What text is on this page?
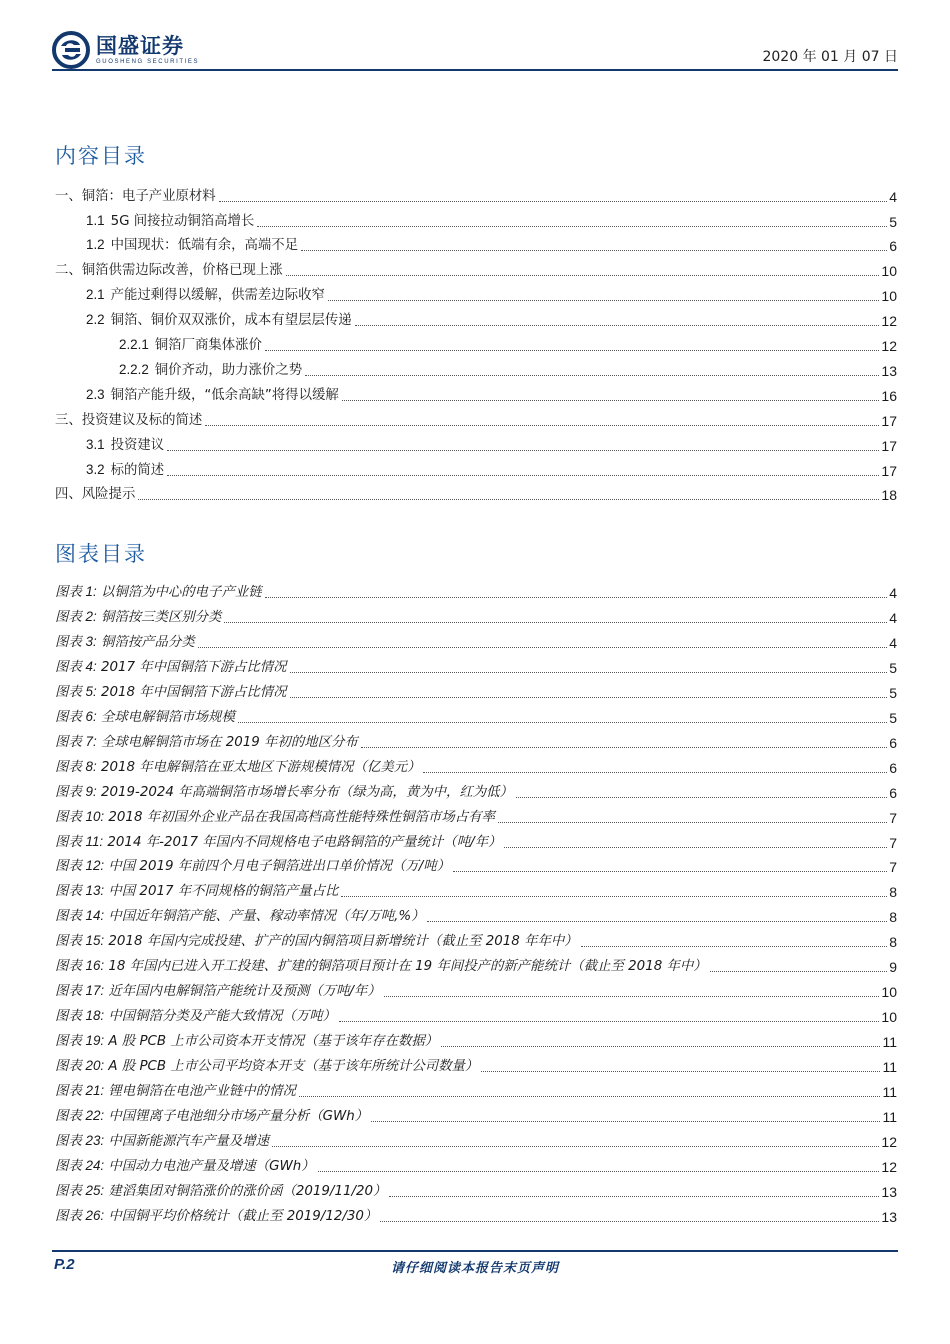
国盛证券
GUOSHENG SECURITIES	2020 年 01 月 07 日
内容目录
一、铜箔：电子产业原材料	4
1.1 5G 间接拉动铜箔高增长	5
1.2 中国现状：低端有余，高端不足	6
二、铜箔供需边际改善，价格已现上涨	10
2.1 产能过剩得以缓解，供需差边际收窄	10
2.2 铜箔、铜价双双涨价，成本有望层层传递	12
2.2.1 铜箔厂商集体涨价	12
2.2.2 铜价齐动，助力涨价之势	13
2.3 铜箔产能升级，“低余高缺”将得以缓解	16
三、投资建议及标的简述	17
3.1 投资建议	17
3.2 标的简述	17
四、风险提示	18
图表目录
图表 1: 以铜箔为中心的电子产业链	4
图表 2: 铜箔按三类区别分类	4
图表 3: 铜箔按产品分类	4
图表 4: 2017 年中国铜箔下游占比情况	5
图表 5: 2018 年中国铜箔下游占比情况	5
图表 6: 全球电解铜箔市场规模	5
图表 7: 全球电解铜箔市场在 2019 年初的地区分布	6
图表 8: 2018 年电解铜箔在亚太地区下游规模情况（亿美元）	6
图表 9: 2019-2024 年高端铜箔市场增长率分布（绿为高，黄为中，红为低）	6
图表 10: 2018 年初国外企业产品在我国高档高性能特殊性铜箔市场占有率	7
图表 11: 2014 年-2017 年国内不同规格电子电路铜箔的产量统计（吨/年）	7
图表 12: 中国 2019 年前四个月电子铜箔进出口单价情况（万/吨）	7
图表 13: 中国 2017 年不同规格的铜箔产量占比	8
图表 14: 中国近年铜箔产能、产量、稼动率情况（年/万吨,%）	8
图表 15: 2018 年国内完成投建、扩产的国内铜箔项目新增统计（截止至 2018 年年中）	8
图表 16: 18 年国内已进入开工投建、扩建的铜箔项目预计在 19 年间投产的新产能统计（截止至 2018 年中）	9
图表 17: 近年国内电解铜箔产能统计及预测（万吨/年）	10
图表 18: 中国铜箔分类及产能大致情况（万吨）	10
图表 19: A 股 PCB 上市公司资本开支情况（基于该年存在数据）	11
图表 20: A 股 PCB 上市公司平均资本开支（基于该年所统计公司数量）	11
图表 21: 锂电铜箔在电池产业链中的情况	11
图表 22: 中国锂离子电池细分市场产量分析（GWh）	11
图表 23: 中国新能源汽车产量及增速	12
图表 24: 中国动力电池产量及增速（GWh）	12
图表 25: 建滔集团对铜箔涨价的涨价函（2019/11/20）	13
图表 26: 中国铜平均价格统计（截止至 2019/12/30）	13
P.2	请仔细阅读本报告末页声明
